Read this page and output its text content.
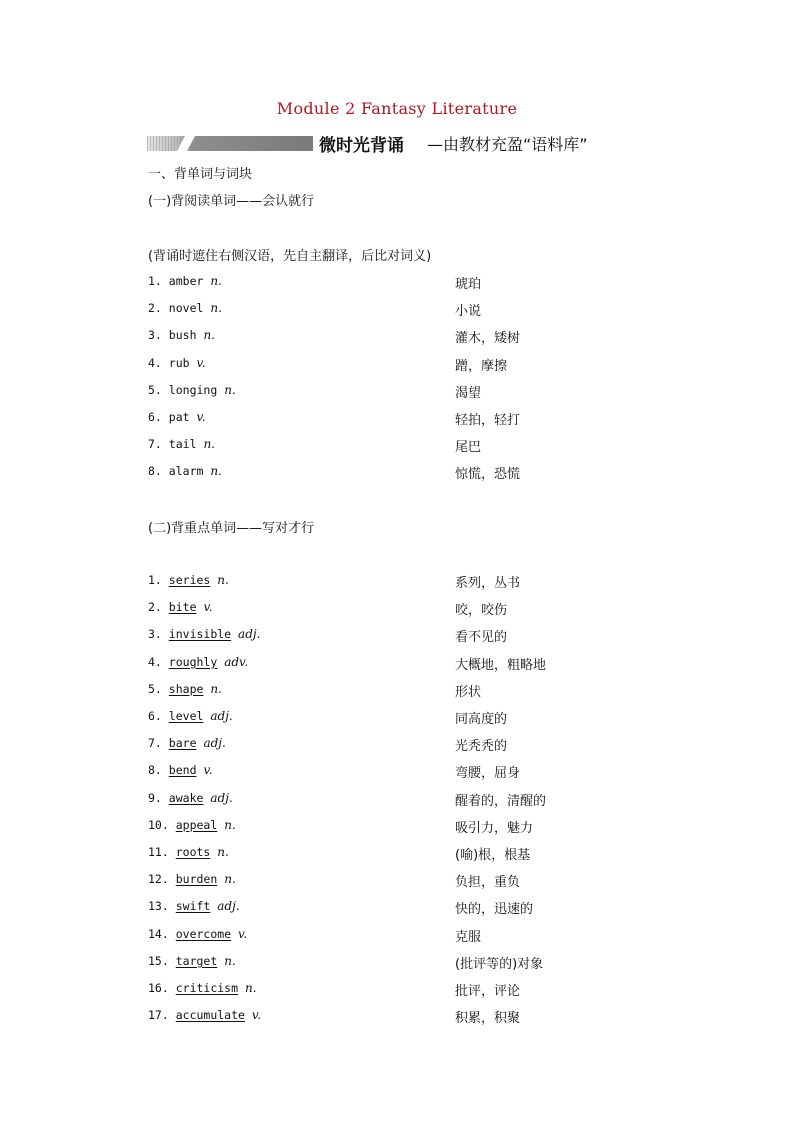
Module 2 Fantasy Literature
微时光背诵 —由教材充盈“语料库”
一、背单词与词块
(一)背阅读单词——会认就行
(背诵时遮住右侧汉语，先自主翻译，后比对词义)
1. amber n.	琥珀
2. novel n.	小说
3. bush n.	灌木，矮树
4. rub v.	蹭，摩擦
5. longing n.	渴望
6. pat v.	轻拍，轻打
7. tail n.	尾巴
8. alarm n.	惊慌，恐慌
(二)背重点单词——写对才行
1. series n.	系列，丛书
2. bite v.	咬，咬伤
3. invisible adj.	看不见的
4. roughly adv.	大概地，粗略地
5. shape n.	形状
6. level adj.	同高度的
7. bare adj.	光秃秃的
8. bend v.	弯腰，屈身
9. awake adj.	醒着的，清醒的
10. appeal n.	吸引力，魅力
11. roots n.	(喻)根，根基
12. burden n.	负担，重负
13. swift adj.	快的，迅速的
14. overcome v.	克服
15. target n.	(批评等的)对象
16. criticism n.	批评，评论
17. accumulate v.	积累，积聚
